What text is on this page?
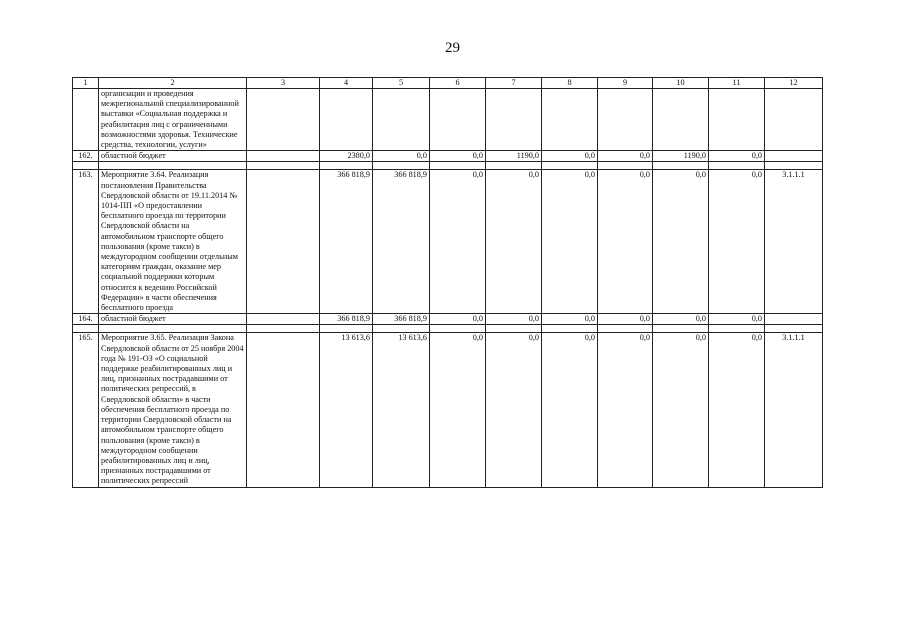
29
1	2	3	4	5	6	7	8	9	10	11	12
	организации и проведения межрегиональной специализированной выставки «Социальная поддержка и реабилитация лиц с ограниченными возможностями здоровья. Технические средства, технологии, услуги»										
162.	областной бюджет		2380,0	0,0	0,0	1190,0	0,0	0,0	1190,0	0,0	

163.	Мероприятие 3.64. Реализация постановления Правительства Свердловской области от 19.11.2014 № 1014-ПП «О предоставлении бесплатного проезда по территории Свердловской области на автомобильном транспорте общего пользования (кроме такси) в междугородном сообщении отдельным категориям граждан, оказание мер социальной поддержки которым относится к ведению Российской Федерации» в части обеспечения бесплатного проезда		366 818,9	366 818,9	0,0	0,0	0,0	0,0	0,0	0,0	3.1.1.1
164.	областной бюджет		366 818,9	366 818,9	0,0	0,0	0,0	0,0	0,0	0,0	

165.	Мероприятие 3.65. Реализация Закона Свердловской области от 25 ноября 2004 года № 191-ОЗ «О социальной поддержке реабилитированных лиц и лиц, признанных пострадавшими от политических репрессий, в Свердловской области» в части обеспечения бесплатного проезда по территории Свердловской области на автомобильном транспорте общего пользования (кроме такси) в междугородном сообщении реабилитированных лиц и лиц, признанных пострадавшими от политических репрессий		13 613,6	13 613,6	0,0	0,0	0,0	0,0	0,0	0,0	3.1.1.1
